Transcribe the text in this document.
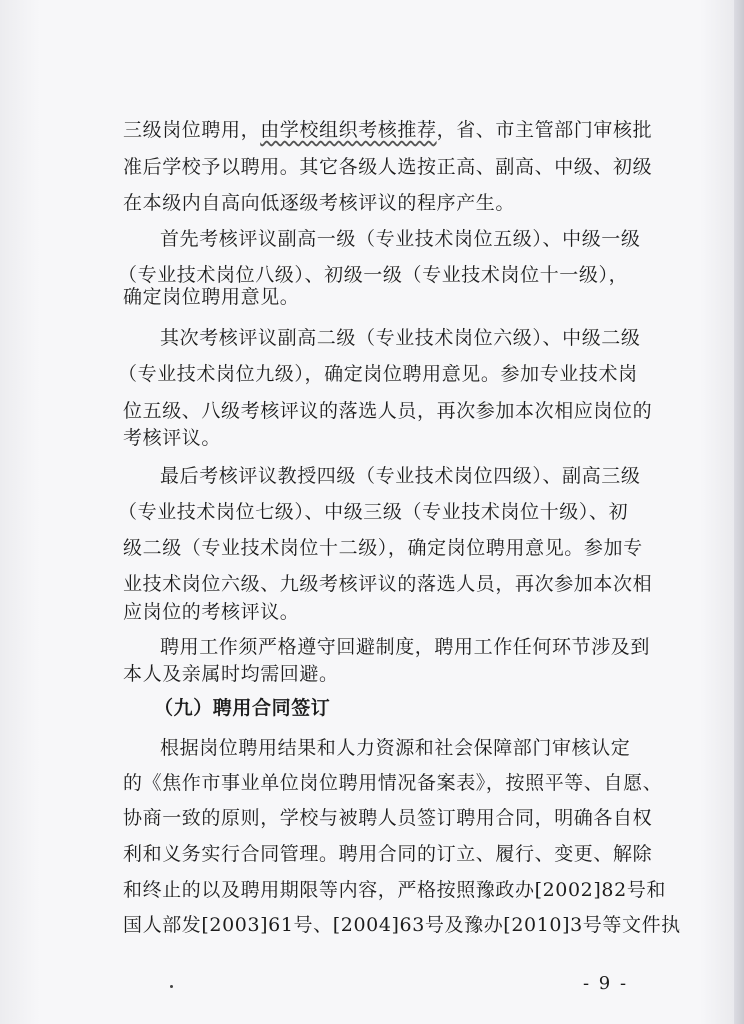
三级岗位聘用，由学校组织考核推荐，省、市主管部门审核批
准后学校予以聘用。其它各级人选按正高、副高、中级、初级
在本级内自高向低逐级考核评议的程序产生。
首先考核评议副高一级（专业技术岗位五级）、中级一级
（专业技术岗位八级）、初级一级（专业技术岗位十一级），
确定岗位聘用意见。
其次考核评议副高二级（专业技术岗位六级）、中级二级
（专业技术岗位九级），确定岗位聘用意见。参加专业技术岗
位五级、八级考核评议的落选人员，再次参加本次相应岗位的
考核评议。
最后考核评议教授四级（专业技术岗位四级）、副高三级
（专业技术岗位七级）、中级三级（专业技术岗位十级）、初
级二级（专业技术岗位十二级），确定岗位聘用意见。参加专
业技术岗位六级、九级考核评议的落选人员，再次参加本次相
应岗位的考核评议。
聘用工作须严格遵守回避制度，聘用工作任何环节涉及到
本人及亲属时均需回避。
（九）聘用合同签订
根据岗位聘用结果和人力资源和社会保障部门审核认定
的《焦作市事业单位岗位聘用情况备案表》，按照平等、自愿、
协商一致的原则，学校与被聘人员签订聘用合同，明确各自权
利和义务实行合同管理。聘用合同的订立、履行、变更、解除
和终止的以及聘用期限等内容，严格按照豫政办[2002]82号和
国人部发[2003]61号、[2004]63号及豫办[2010]3号等文件执
- 9 -
